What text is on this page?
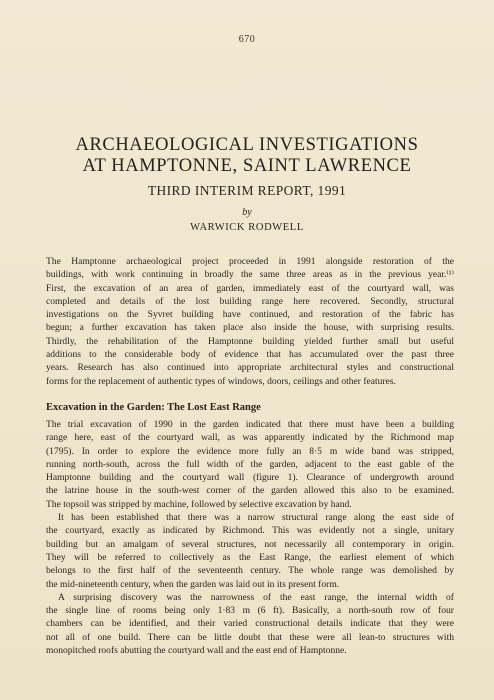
670
ARCHAEOLOGICAL INVESTIGATIONS
AT HAMPTONNE, SAINT LAWRENCE
THIRD INTERIM REPORT, 1991
by
WARWICK RODWELL
The Hamptonne archaeological project proceeded in 1991 alongside restoration of the
buildings, with work continuing in broadly the same three areas as in the previous year.⁽¹⁾
First, the excavation of an area of garden, immediately east of the courtyard wall, was
completed and details of the lost building range here recovered. Secondly, structural
investigations on the Syvret building have continued, and restoration of the fabric has
begun; a further excavation has taken place also inside the house, with surprising results.
Thirdly, the rehabilitation of the Hamptonne building yielded further small but useful
additions to the considerable body of evidence that has accumulated over the past three
years. Research has also continued into appropriate architectural styles and constructional
forms for the replacement of authentic types of windows, doors, ceilings and other features.
Excavation in the Garden: The Lost East Range
The trial excavation of 1990 in the garden indicated that there must have been a building
range here, east of the courtyard wall, as was apparently indicated by the Richmond map
(1795). In order to explore the evidence more fully an 8·5 m wide band was stripped,
running north-south, across the full width of the garden, adjacent to the east gable of the
Hamptonne building and the courtyard wall (figure 1). Clearance of undergrowth around
the latrine house in the south-west corner of the garden allowed this also to be examined.
The topsoil was stripped by machine, followed by selective excavation by hand.
It has been established that there was a narrow structural range along the east side of
the courtyard, exactly as indicated by Richmond. This was evidently not a single, unitary
building but an amalgam of several structures, not necessarily all contemporary in origin.
They will be referred to collectively as the East Range, the earliest element of which
belongs to the first half of the seventeenth century. The whole range was demolished by
the mid-nineteenth century, when the garden was laid out in its present form.
A surprising discovery was the narrowness of the east range, the internal width of
the single line of rooms being only 1·83 m (6 ft). Basically, a north-south row of four
chambers can be identified, and their varied constructional details indicate that they were
not all of one build. There can be little doubt that these were all lean-to structures with
monopitched roofs abutting the courtyard wall and the east end of Hamptonne.
